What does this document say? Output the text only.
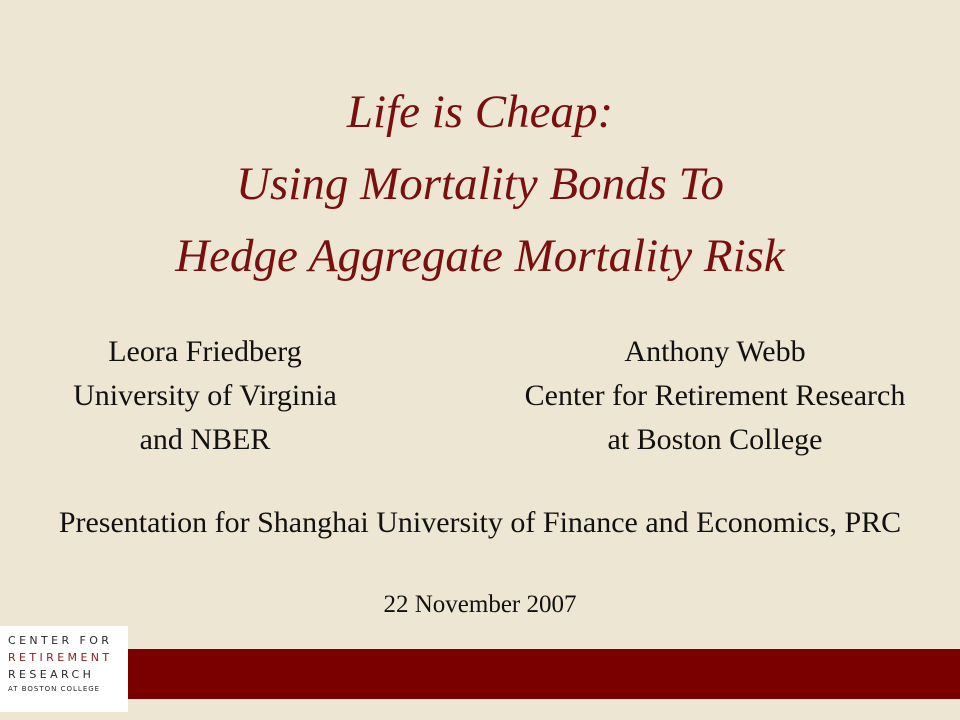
Life is Cheap:
Using Mortality Bonds To
Hedge Aggregate Mortality Risk
Leora Friedberg
University of Virginia
and NBER
Anthony Webb
Center for Retirement Research
at Boston College
Presentation for Shanghai University of Finance and Economics, PRC
22 November 2007
CENTER FOR
RETIREMENT
RESEARCH
AT BOSTON COLLEGE
